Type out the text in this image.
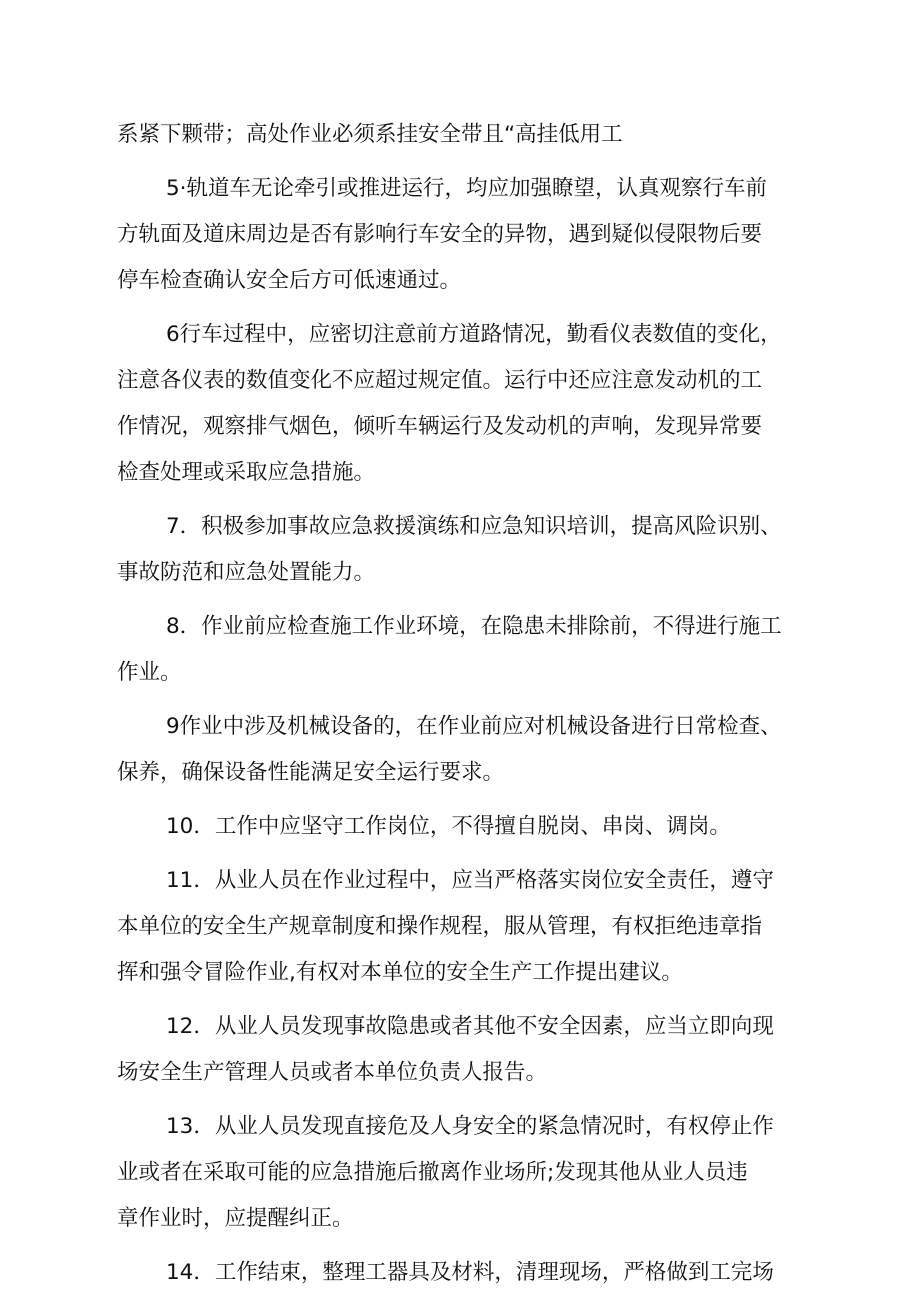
系紧下颗带；高处作业必须系挂安全带且“高挂低用工
5·轨道车无论牵引或推进运行，均应加强瞭望，认真观察行车前
方轨面及道床周边是否有影响行车安全的异物，遇到疑似侵限物后要
停车检查确认安全后方可低速通过。
6行车过程中，应密切注意前方道路情况，勤看仪表数值的变化，
注意各仪表的数值变化不应超过规定值。运行中还应注意发动机的工
作情况，观察排气烟色，倾听车辆运行及发动机的声响，发现异常要
检查处理或采取应急措施。
7．积极参加事故应急救援演练和应急知识培训，提高风险识别、
事故防范和应急处置能力。
8．作业前应检查施工作业环境，在隐患未排除前，不得进行施工
作业。
9作业中涉及机械设备的，在作业前应对机械设备进行日常检查、
保养，确保设备性能满足安全运行要求。
10．工作中应坚守工作岗位，不得擅自脱岗、串岗、调岗。
11．从业人员在作业过程中，应当严格落实岗位安全责任，遵守
本单位的安全生产规章制度和操作规程，服从管理，有权拒绝违章指
挥和强令冒险作业,有权对本单位的安全生产工作提出建议。
12．从业人员发现事故隐患或者其他不安全因素，应当立即向现
场安全生产管理人员或者本单位负责人报告。
13．从业人员发现直接危及人身安全的紧急情况时，有权停止作
业或者在采取可能的应急措施后撤离作业场所;发现其他从业人员违
章作业时，应提醒纠正。
14．工作结束，整理工器具及材料，清理现场，严格做到工完场
